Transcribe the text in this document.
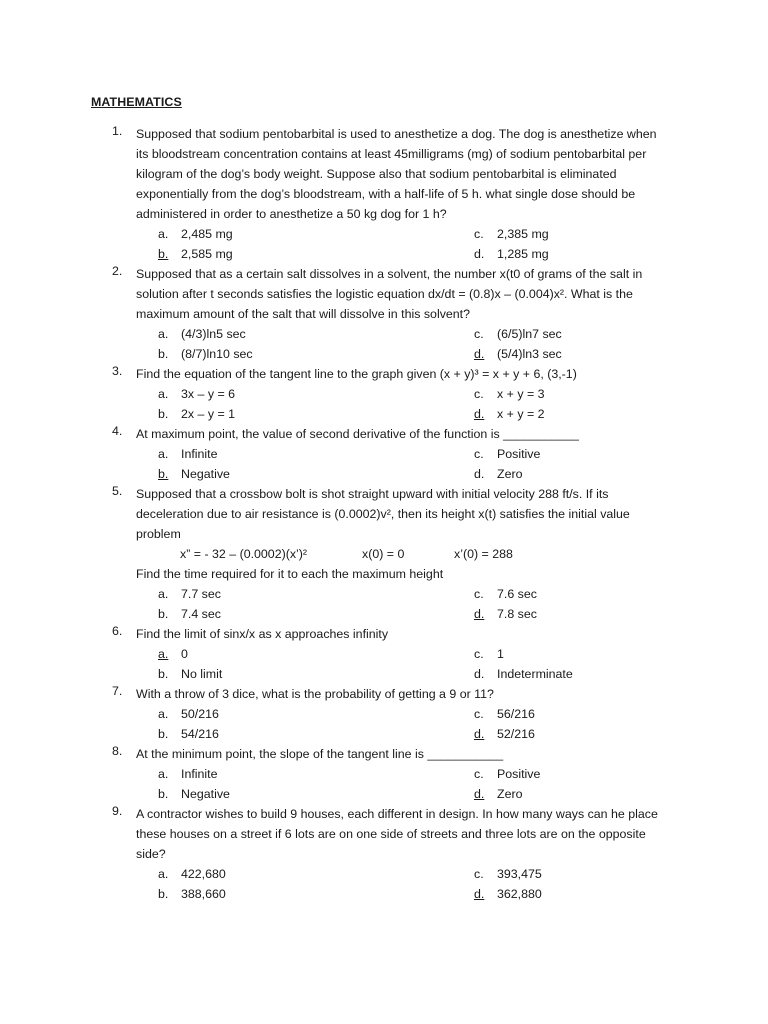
MATHEMATICS
1.	Supposed that sodium pentobarbital is used to anesthetize a dog. The dog is anesthetize when

its bloodstream concentration contains at least 45milligrams (mg) of sodium pentobarbital per

kilogram of the dog’s body weight. Suppose also that sodium pentobarbital is eliminated

exponentially from the dog’s bloodstream, with a half-life of 5 h. what single dose should be

administered in order to anesthetize a 50 kg dog for 1 h?

a.	2,485 mg	c.	2,385 mg
b.	2,585 mg	d.	1,285 mg
2.	Supposed that as a certain salt dissolves in a solvent, the number x(t0 of grams of the salt in

solution after t seconds satisfies the logistic equation dx/dt = (0.8)x – (0.004)x². What is the

maximum amount of the salt that will dissolve in this solvent?

a.	(4/3)ln5 sec	c.	(6/5)ln7 sec
b.	(8/7)ln10 sec	d.	(5/4)ln3 sec
3.	Find the equation of the tangent line to the graph given (x + y)³ = x + y + 6, (3,-1)

a.	3x – y = 6	c.	x + y = 3
b.	2x – y = 1	d.	x + y = 2
4.	At maximum point, the value of second derivative of the function is ___________

a.	Infinite	c.	Positive
b.	Negative	d.	Zero
5.	Supposed that a crossbow bolt is shot straight upward with initial velocity 288 ft/s. If its

deceleration due to air resistance is (0.0002)v², then its height x(t) satisfies the initial value

problem

x” = - 32 – (0.0002)(x’)²	x(0) = 0	x’(0) = 288
Find the time required for it to each the maximum height
a.	7.7 sec	c.	7.6 sec
b.	7.4 sec	d.	7.8 sec
6.	Find the limit of sinx/x as x approaches infinity

a.	0	c.	1
b.	No limit	d.	Indeterminate
7.	With a throw of 3 dice, what is the probability of getting a 9 or 11?

a.	50/216	c.	56/216
b.	54/216	d.	52/216
8.	At the minimum point, the slope of the tangent line is ___________

a.	Infinite	c.	Positive
b.	Negative	d.	Zero
9.	A contractor wishes to build 9 houses, each different in design. In how many ways can he place

these houses on a street if 6 lots are on one side of streets and three lots are on the opposite

side?

a.	422,680	c.	393,475
b.	388,660	d.	362,880
